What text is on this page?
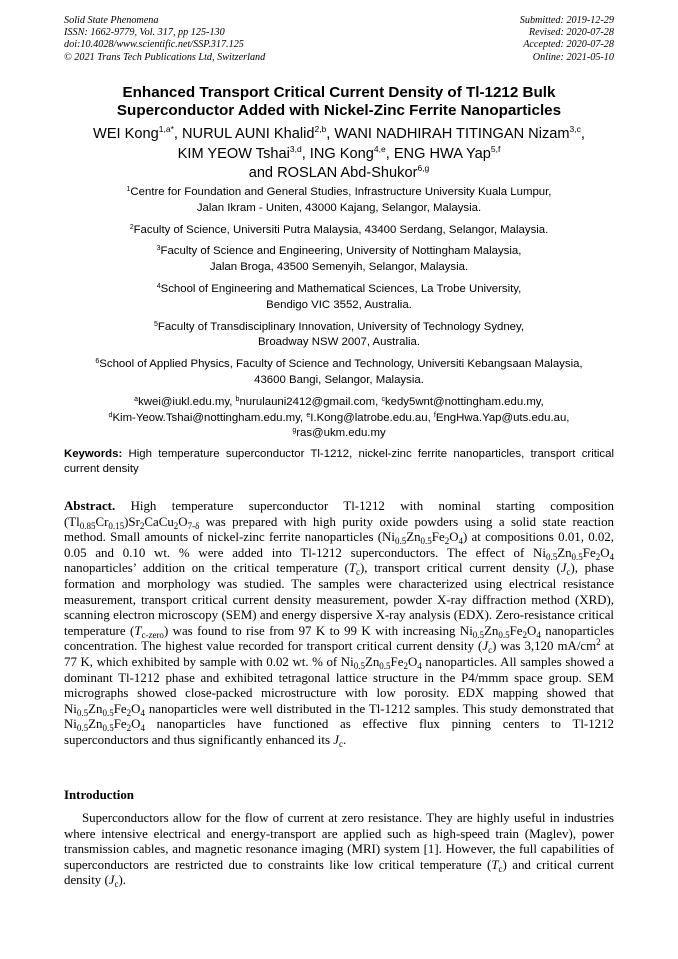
Solid State Phenomena
ISSN: 1662-9779, Vol. 317, pp 125-130
doi:10.4028/www.scientific.net/SSP.317.125
© 2021 Trans Tech Publications Ltd, Switzerland
Submitted: 2019-12-29
Revised: 2020-07-28
Accepted: 2020-07-28
Online: 2021-05-10
Enhanced Transport Critical Current Density of Tl-1212 Bulk
Superconductor Added with Nickel-Zinc Ferrite Nanoparticles
WEI Kong$^{1,a*}$, NURUL AUNI Khalid$^{2,b}$, WANI NADHIRAH TITINGAN Nizam$^{3,c}$,
KIM YEOW Tshai$^{3,d}$, ING Kong$^{4,e}$, ENG HWA Yap$^{5,f}$
and ROSLAN Abd-Shukor$^{6,g}$
$^1$Centre for Foundation and General Studies, Infrastructure University Kuala Lumpur,
Jalan Ikram - Uniten, 43000 Kajang, Selangor, Malaysia.
$^2$Faculty of Science, Universiti Putra Malaysia, 43400 Serdang, Selangor, Malaysia.
$^3$Faculty of Science and Engineering, University of Nottingham Malaysia,
Jalan Broga, 43500 Semenyih, Selangor, Malaysia.
$^4$School of Engineering and Mathematical Sciences, La Trobe University,
Bendigo VIC 3552, Australia.
$^5$Faculty of Transdisciplinary Innovation, University of Technology Sydney,
Broadway NSW 2007, Australia.
$^6$School of Applied Physics, Faculty of Science and Technology, Universiti Kebangsaan Malaysia,
43600 Bangi, Selangor, Malaysia.
$^a$kwei@iukl.edu.my, $^b$nurulauni2412@gmail.com, $^c$kedy5wnt@nottingham.edu.my,
$^d$Kim-Yeow.Tshai@nottingham.edu.my, $^e$I.Kong@latrobe.edu.au, $^f$EngHwa.Yap@uts.edu.au,
$^g$ras@ukm.edu.my
Keywords: High temperature superconductor Tl-1212, nickel-zinc ferrite nanoparticles, transport critical current density
Abstract. High temperature superconductor Tl-1212 with nominal starting composition $(Tl_{0.85}Cr_{0.15})Sr_2CaCu_2O_{7-\delta}$ was prepared with high purity oxide powders using a solid state reaction method. Small amounts of nickel-zinc ferrite nanoparticles $(Ni_{0.5}Zn_{0.5}Fe_2O_4)$ at compositions 0.01, 0.02, 0.05 and 0.10 wt. % were added into Tl-1212 superconductors. The effect of $Ni_{0.5}Zn_{0.5}Fe_2O_4$ nanoparticles’ addition on the critical temperature $(T_c)$, transport critical current density $(J_c)$, phase formation and morphology was studied. The samples were characterized using electrical resistance measurement, transport critical current density measurement, powder X-ray diffraction method (XRD), scanning electron microscopy (SEM) and energy dispersive X-ray analysis (EDX). Zero-resistance critical temperature $(T_{c-zero})$ was found to rise from 97 K to 99 K with increasing $Ni_{0.5}Zn_{0.5}Fe_2O_4$ nanoparticles concentration. The highest value recorded for transport critical current density $(J_c)$ was 3,120 $mA/cm^2$ at 77 K, which exhibited by sample with 0.02 wt. % of $Ni_{0.5}Zn_{0.5}Fe_2O_4$ nanoparticles. All samples showed a dominant Tl-1212 phase and exhibited tetragonal lattice structure in the P4/mmm space group. SEM micrographs showed close-packed microstructure with low porosity. EDX mapping showed that $Ni_{0.5}Zn_{0.5}Fe_2O_4$ nanoparticles were well distributed in the Tl-1212 samples. This study demonstrated that $Ni_{0.5}Zn_{0.5}Fe_2O_4$ nanoparticles have functioned as effective flux pinning centers to Tl-1212 superconductors and thus significantly enhanced its $J_c$.
Introduction
Superconductors allow for the flow of current at zero resistance. They are highly useful in industries where intensive electrical and energy-transport are applied such as high-speed train (Maglev), power transmission cables, and magnetic resonance imaging (MRI) system [1]. However, the full capabilities of superconductors are restricted due to constraints like low critical temperature $(T_c)$ and critical current density $(J_c)$.
